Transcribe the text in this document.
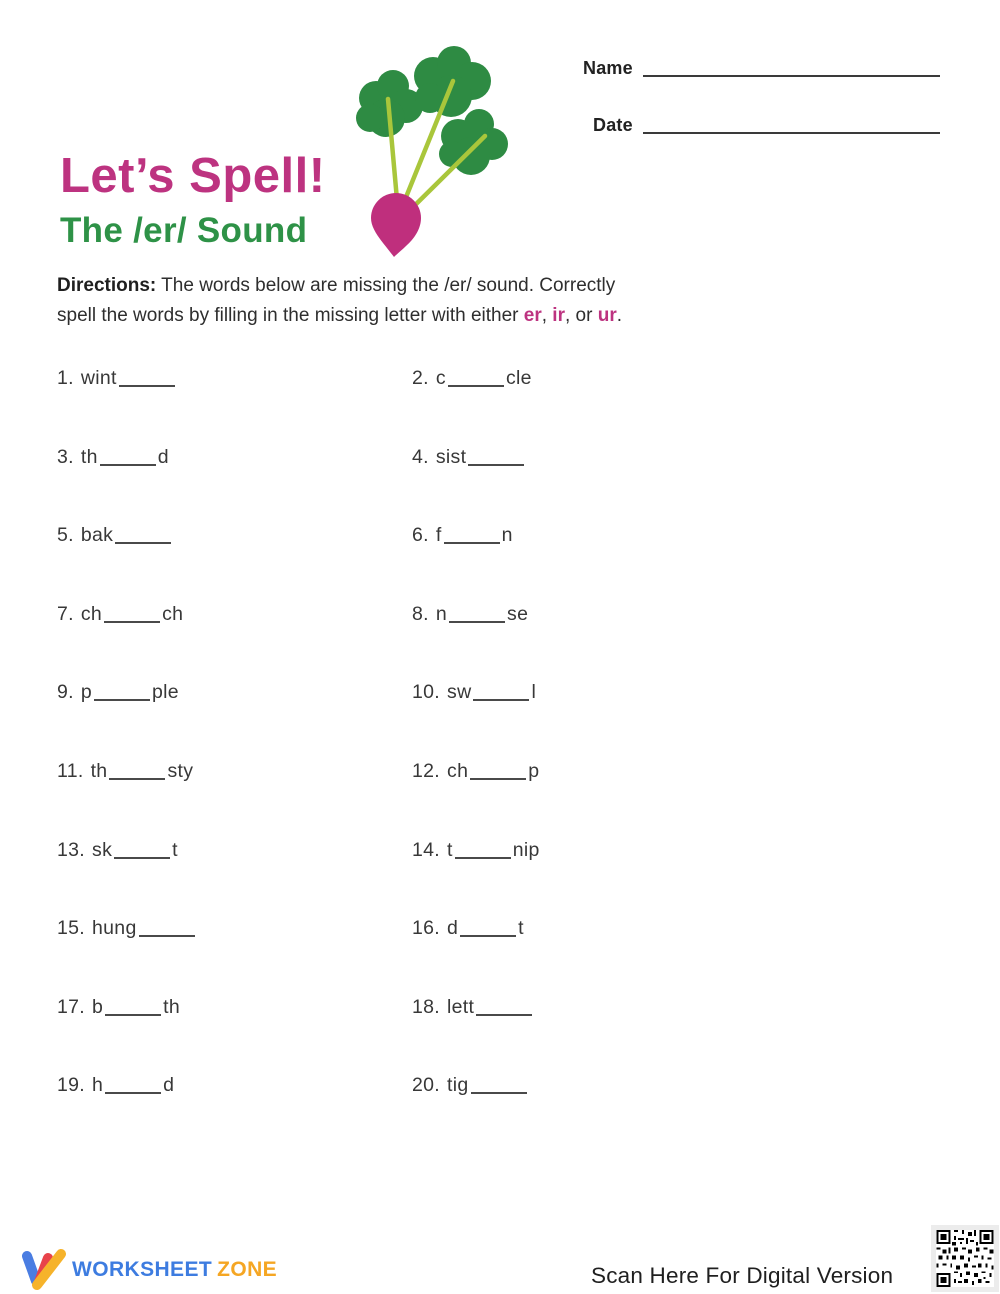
Name
Date
Let’s Spell!
The /er/ Sound
Directions: The words below are missing the /er/ sound. Correctly
spell the words by filling in the missing letter with either er, ir, or ur.
1. wint	2. c	cle
3. th	d	4. sist
5. bak	6. f	n
7. ch	ch	8. n	se
9. p	ple	10. sw	l
11. th	sty	12. ch	p
13. sk	t	14. t	nip
15. hung	16. d	t
17. b	th	18. lett
19. h	d	20. tig
WORKSHEET ZONE	Scan Here For Digital Version
